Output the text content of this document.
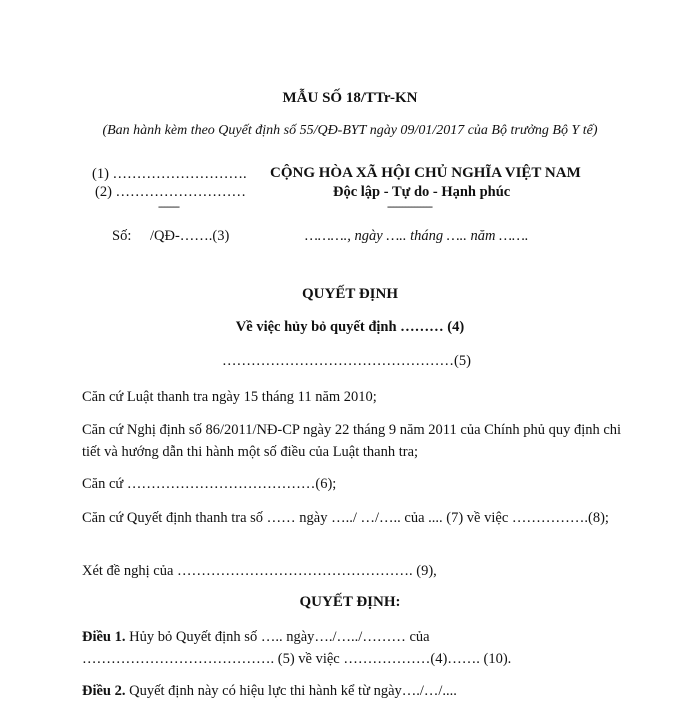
MẪU SỐ 18/TTr-KN
(Ban hành kèm theo Quyết định số 55/QĐ-BYT ngày 09/01/2017 của Bộ trưởng Bộ Y tế)
(1) ……………………….
(2) ………………………
-------
CỘNG HÒA XÃ HỘI CHỦ NGHĨA VIỆT NAM
Độc lập - Tự do - Hạnh phúc
---------------
Số: /QĐ-…….(3)	………., ngày ….. tháng ….. năm …….
QUYẾT ĐỊNH
Về việc hủy bỏ quyết định ……… (4)
…………………………………………(5)
Căn cứ Luật thanh tra ngày 15 tháng 11 năm 2010;
Căn cứ Nghị định số 86/2011/NĐ-CP ngày 22 tháng 9 năm 2011 của Chính phủ quy định chi tiết và hướng dẫn thi hành một số điều của Luật thanh tra;
Căn cứ …………………………………(6);
Căn cứ Quyết định thanh tra số …… ngày …../ …/….. của .... (7) về việc …………….(8);
Xét đề nghị của …………………………………………. (9),
QUYẾT ĐỊNH:
Điều 1. Hủy bỏ Quyết định số ….. ngày…./…../……… của …………………………………. (5) về việc ………………(4)……. (10).
Điều 2. Quyết định này có hiệu lực thi hành kể từ ngày…./…/....
